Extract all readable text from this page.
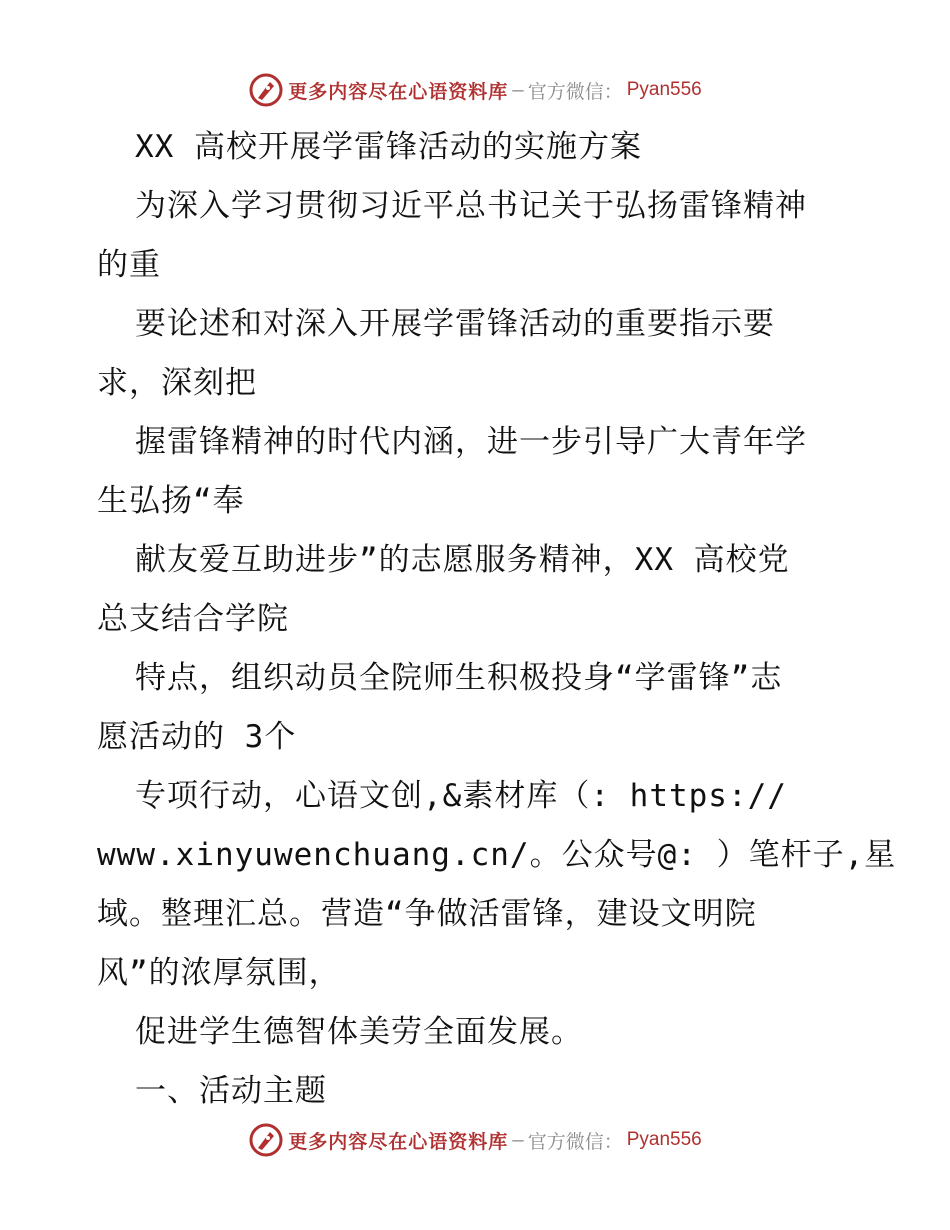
更多内容尽在心语资料库 — 官方微信： Pyan556
XX 高校开展学雷锋活动的实施方案
为深入学习贯彻习近平总书记关于弘扬雷锋精神
的重
要论述和对深入开展学雷锋活动的重要指示要
求，深刻把
握雷锋精神的时代内涵，进一步引导广大青年学
生弘扬“奉
献友爱互助进步”的志愿服务精神，XX 高校党
总支结合学院
特点，组织动员全院师生积极投身“学雷锋”志
愿活动的 3个
专项行动，心语文创,&素材库（: https://
www.xinyuwenchuang.cn/。公众号@: ）笔杆子,星
域。整理汇总。营造“争做活雷锋，建设文明院
风”的浓厚氛围，
促进学生德智体美劳全面发展。
一、活动主题
更多内容尽在心语资料库 — 官方微信： Pyan556
